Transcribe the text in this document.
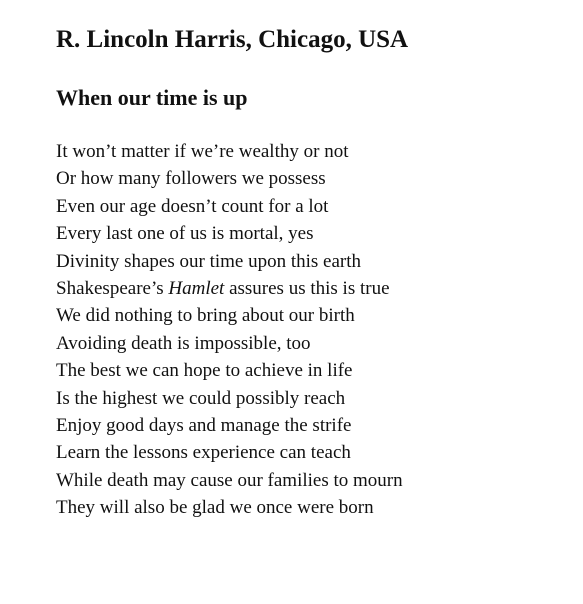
R. Lincoln Harris, Chicago, USA
When our time is up
It won’t matter if we’re wealthy or not
Or how many followers we possess
Even our age doesn’t count for a lot
Every last one of us is mortal, yes
Divinity shapes our time upon this earth
Shakespeare’s Hamlet assures us this is true
We did nothing to bring about our birth
Avoiding death is impossible, too
The best we can hope to achieve in life
Is the highest we could possibly reach
Enjoy good days and manage the strife
Learn the lessons experience can teach
While death may cause our families to mourn
They will also be glad we once were born
